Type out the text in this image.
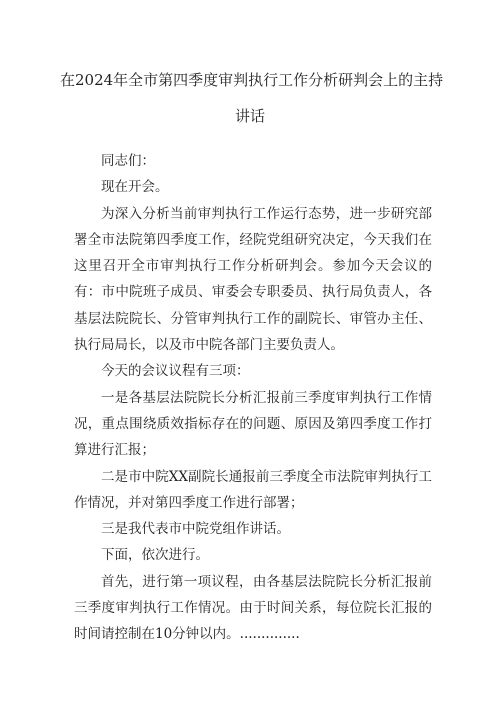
在2024年全市第四季度审判执行工作分析研判会上的主持
讲话

同志们：

现在开会。

为深入分析当前审判执行工作运行态势，进一步研究部署全市法院第四季度工作，经院党组研究决定，今天我们在这里召开全市审判执行工作分析研判会。参加今天会议的有：市中院班子成员、审委会专职委员、执行局负责人，各基层法院院长、分管审判执行工作的副院长、审管办主任、执行局局长，以及市中院各部门主要负责人。

今天的会议议程有三项：

一是各基层法院院长分析汇报前三季度审判执行工作情况，重点围绕质效指标存在的问题、原因及第四季度工作打算进行汇报；

二是市中院XX副院长通报前三季度全市法院审判执行工作情况，并对第四季度工作进行部署；

三是我代表市中院党组作讲话。

下面，依次进行。

首先，进行第一项议程，由各基层法院院长分析汇报前三季度审判执行工作情况。由于时间关系，每位院长汇报的时间请控制在10分钟以内。..............
